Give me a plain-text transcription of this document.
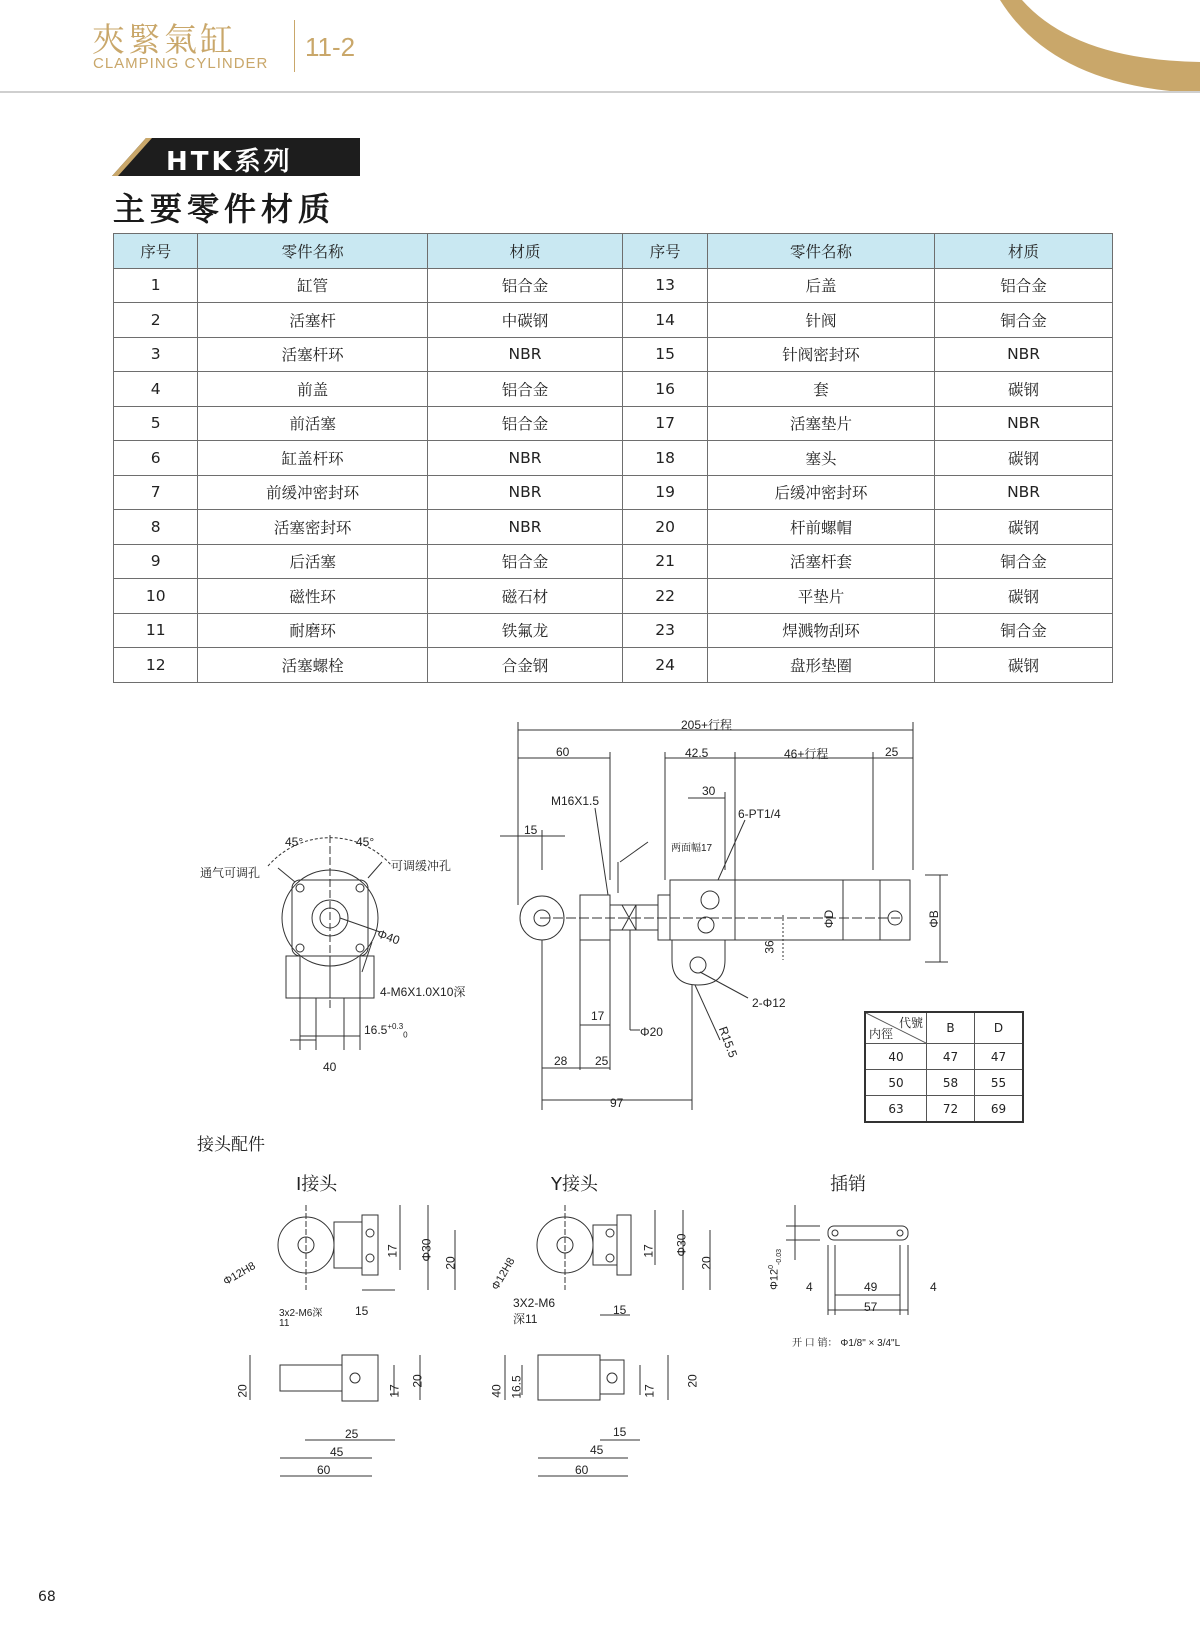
夾緊氣缸
CLAMPING CYLINDER
11-2
HTK系列
主要零件材质
序号	零件名称	材质	序号	零件名称	材质
1	缸管	铝合金	13	后盖	铝合金
2	活塞杆	中碳钢	14	针阀	铜合金
3	活塞杆环	NBR	15	针阀密封环	NBR
4	前盖	铝合金	16	套	碳钢
5	前活塞	铝合金	17	活塞垫片	NBR
6	缸盖杆环	NBR	18	塞头	碳钢
7	前缓冲密封环	NBR	19	后缓冲密封环	NBR
8	活塞密封环	NBR	20	杆前螺帽	碳钢
9	后活塞	铝合金	21	活塞杆套	铜合金
10	磁性环	磁石材	22	平垫片	碳钢
11	耐磨环	铁氟龙	23	焊溅物刮环	铜合金
12	活塞螺栓	合金钢	24	盘形垫圈	碳钢
45°	45°
通气可调孔	可调缓冲孔
Φ40
4-M6X1.0X10深
$16.5^{+0.3}_0$
40
205+行程
60	42.5	46+行程	25
30
M16X1.5
6-PT1/4
15
两面幅17
ΦD	ΦB
36
17
2-Φ12
Φ20	R15.5
28 25
97
代號
内徑	B	D
40	47	47
50	58	55
63	72	69
接头配件
I接头	Y接头	插销
Φ12H8
3x2-M6深
11
15
17 Φ30
20
20	17
20
25
45
60
Φ12H8
3X2-M6
深11
15
17 Φ30
20
40 16.5	17
20
15
45
60
$\Phi 12^0_{-0.03}$
4	49	4
57
开 口 销： Φ1/8" × 3/4"L
68
